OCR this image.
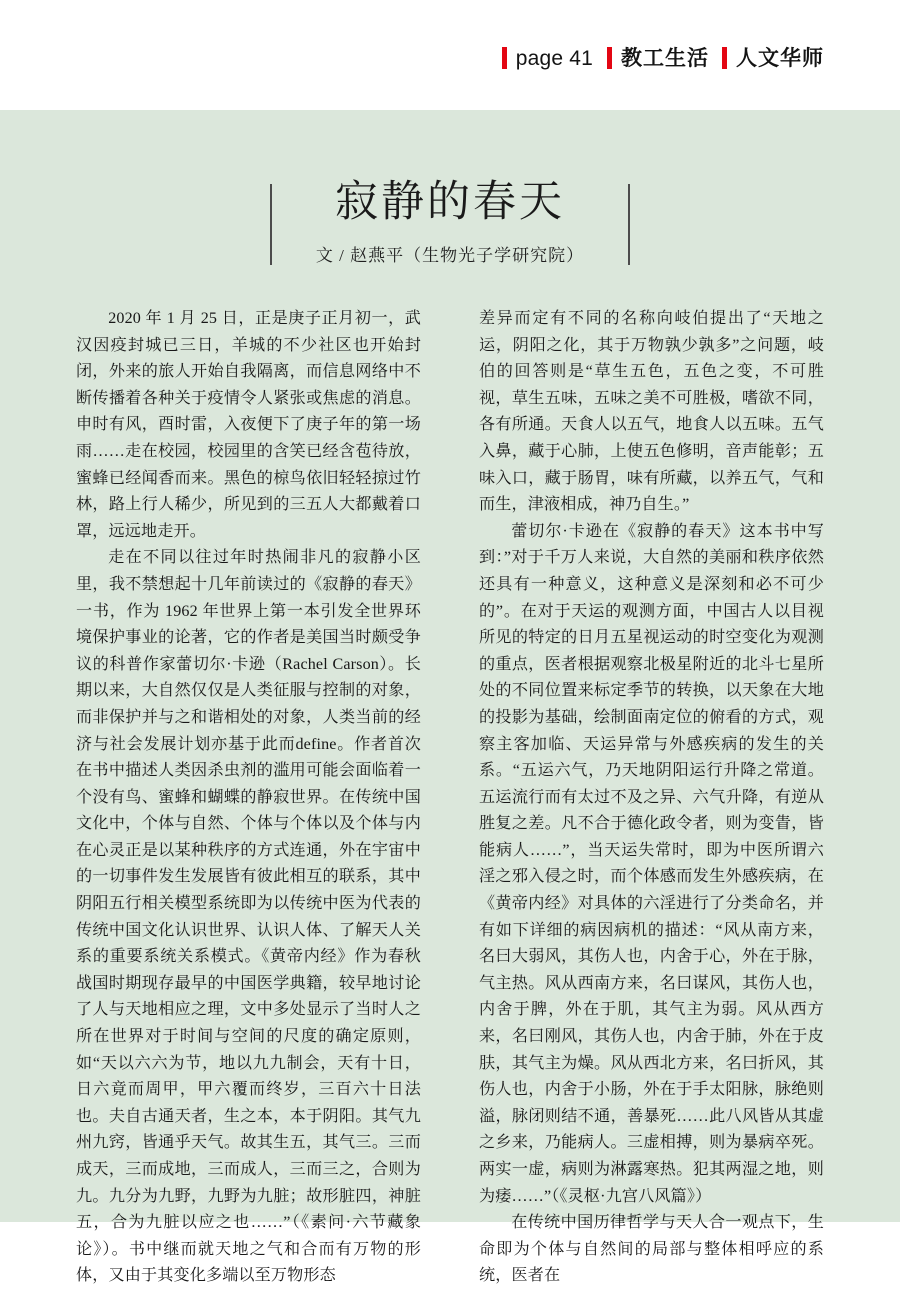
page 41 教工生活 人文华师
寂静的春天
文 / 赵燕平（生物光子学研究院）

2020 年 1 月 25 日，正是庚子正月初一，武汉因疫封城已三日，羊城的不少社区也开始封闭，外来的旅人开始自我隔离，而信息网络中不断传播着各种关于疫情令人紧张或焦虑的消息。申时有风，酉时雷，入夜便下了庚子年的第一场雨……走在校园，校园里的含笑已经含苞待放，蜜蜂已经闻香而来。黑色的椋鸟依旧轻轻掠过竹林，路上行人稀少，所见到的三五人大都戴着口罩，远远地走开。

走在不同以往过年时热闹非凡的寂静小区里，我不禁想起十几年前读过的《寂静的春天》一书，作为 1962 年世界上第一本引发全世界环境保护事业的论著，它的作者是美国当时颇受争议的科普作家蕾切尔·卡逊（Rachel Carson）。长期以来，大自然仅仅是人类征服与控制的对象，而非保护并与之和谐相处的对象，人类当前的经济与社会发展计划亦基于此而define。作者首次在书中描述人类因杀虫剂的滥用可能会面临着一个没有鸟、蜜蜂和蝴蝶的静寂世界。在传统中国文化中，个体与自然、个体与个体以及个体与内在心灵正是以某种秩序的方式连通，外在宇宙中的一切事件发生发展皆有彼此相互的联系，其中阴阳五行相关模型系统即为以传统中医为代表的传统中国文化认识世界、认识人体、了解天人关系的重要系统关系模式。《黄帝内经》作为春秋战国时期现存最早的中国医学典籍，较早地讨论了人与天地相应之理，文中多处显示了当时人之所在世界对于时间与空间的尺度的确定原则，如“天以六六为节，地以九九制会，天有十日，日六竟而周甲，甲六覆而终岁，三百六十日法也。夫自古通天者，生之本，本于阴阳。其气九州九窍，皆通乎天气。故其生五，其气三。三而成天，三而成地，三而成人，三而三之，合则为九。九分为九野，九野为九脏；故形脏四，神脏五，合为九脏以应之也……”（《素问·六节藏象论》）。书中继而就天地之气和合而有万物的形体，又由于其变化多端以至万物形态

差异而定有不同的名称向岐伯提出了“天地之运，阴阳之化，其于万物孰少孰多”之问题，岐伯的回答则是“草生五色，五色之变，不可胜视，草生五味，五味之美不可胜极，嗜欲不同，各有所通。天食人以五气，地食人以五味。五气入鼻，藏于心肺，上使五色修明，音声能彰；五味入口，藏于肠胃，味有所藏，以养五气，气和而生，津液相成，神乃自生。”

蕾切尔·卡逊在《寂静的春天》这本书中写到：”对于千万人来说，大自然的美丽和秩序依然还具有一种意义，这种意义是深刻和必不可少的”。在对于天运的观测方面，中国古人以目视所见的特定的日月五星视运动的时空变化为观测的重点，医者根据观察北极星附近的北斗七星所处的不同位置来标定季节的转换，以天象在大地的投影为基础，绘制面南定位的俯看的方式，观察主客加临、天运异常与外感疾病的发生的关系。“五运六气，乃天地阴阳运行升降之常道。五运流行而有太过不及之异、六气升降，有逆从胜复之差。凡不合于德化政令者，则为变眚，皆能病人……”，当天运失常时，即为中医所谓六淫之邪入侵之时，而个体感而发生外感疾病，在《黄帝内经》对具体的六淫进行了分类命名，并有如下详细的病因病机的描述：“风从南方来，名曰大弱风，其伤人也，内舍于心，外在于脉，气主热。风从西南方来，名曰谋风，其伤人也，内舍于脾，外在于肌，其气主为弱。风从西方来，名曰刚风，其伤人也，内舍于肺，外在于皮肤，其气主为燥。风从西北方来，名曰折风，其伤人也，内舍于小肠，外在于手太阳脉，脉绝则溢，脉闭则结不通，善暴死……此八风皆从其虚之乡来，乃能病人。三虚相搏，则为暴病卒死。两实一虚，病则为淋露寒热。犯其两湿之地，则为痿……”（《灵枢·九宫八风篇》）

在传统中国历律哲学与天人合一观点下，生命即为个体与自然间的局部与整体相呼应的系统，医者在
